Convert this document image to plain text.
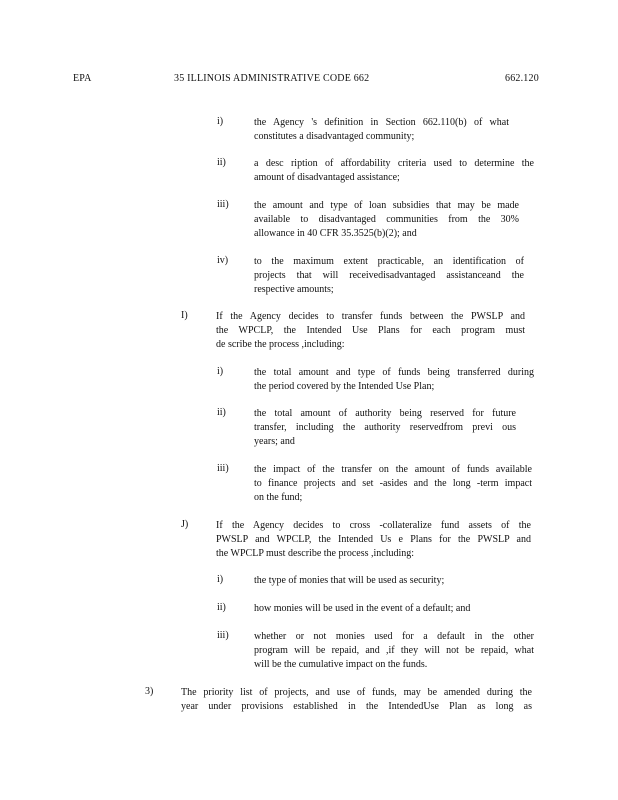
EPA	35 ILLINOIS ADMINISTRATIVE CODE 662	662.120
i)	the Agency 's definition in Section 662.110(b) of what
constitutes a disadvantaged community;
ii)	a desc ription of affordability criteria used to determine the
amount of disadvantaged assistance;
iii)	the amount and type of loan subsidies that may be made
available to disadvantaged communities from the 30%
allowance in 40 CFR 35.3525(b)(2); and
iv)	to the maximum extent practicable, an identification of
projects that will receivedisadvantaged assistanceand the
respective amounts;
I)	If the Agency decides to transfer funds between the PWSLP and
the WPCLP, the Intended Use Plans for each program must
de scribe the process ,including:
i)	the total amount and type of funds being transferred during
the period covered by the Intended Use Plan;
ii)	the total amount of authority being reserved for future
transfer, including the authority reservedfrom previ ous
years; and
iii)	the impact of the transfer on the amount of funds available
to finance projects and set -asides and the long -term impact
on the fund;
J)	If the Agency decides to cross -collateralize fund assets of the
PWSLP and WPCLP, the Intended Us e Plans for the PWSLP and
the WPCLP must describe the process ,including:
i)	the type of monies that will be used as security;
ii)	how monies will be used in the event of a default; and
iii)	whether or not monies used for a default in the other
program will be repaid, and ,if they will not be repaid, what
will be the cumulative impact on the funds.
3)	The priority list of projects, and use of funds, may be amended during the
year under provisions established in the IntendedUse Plan as long as
